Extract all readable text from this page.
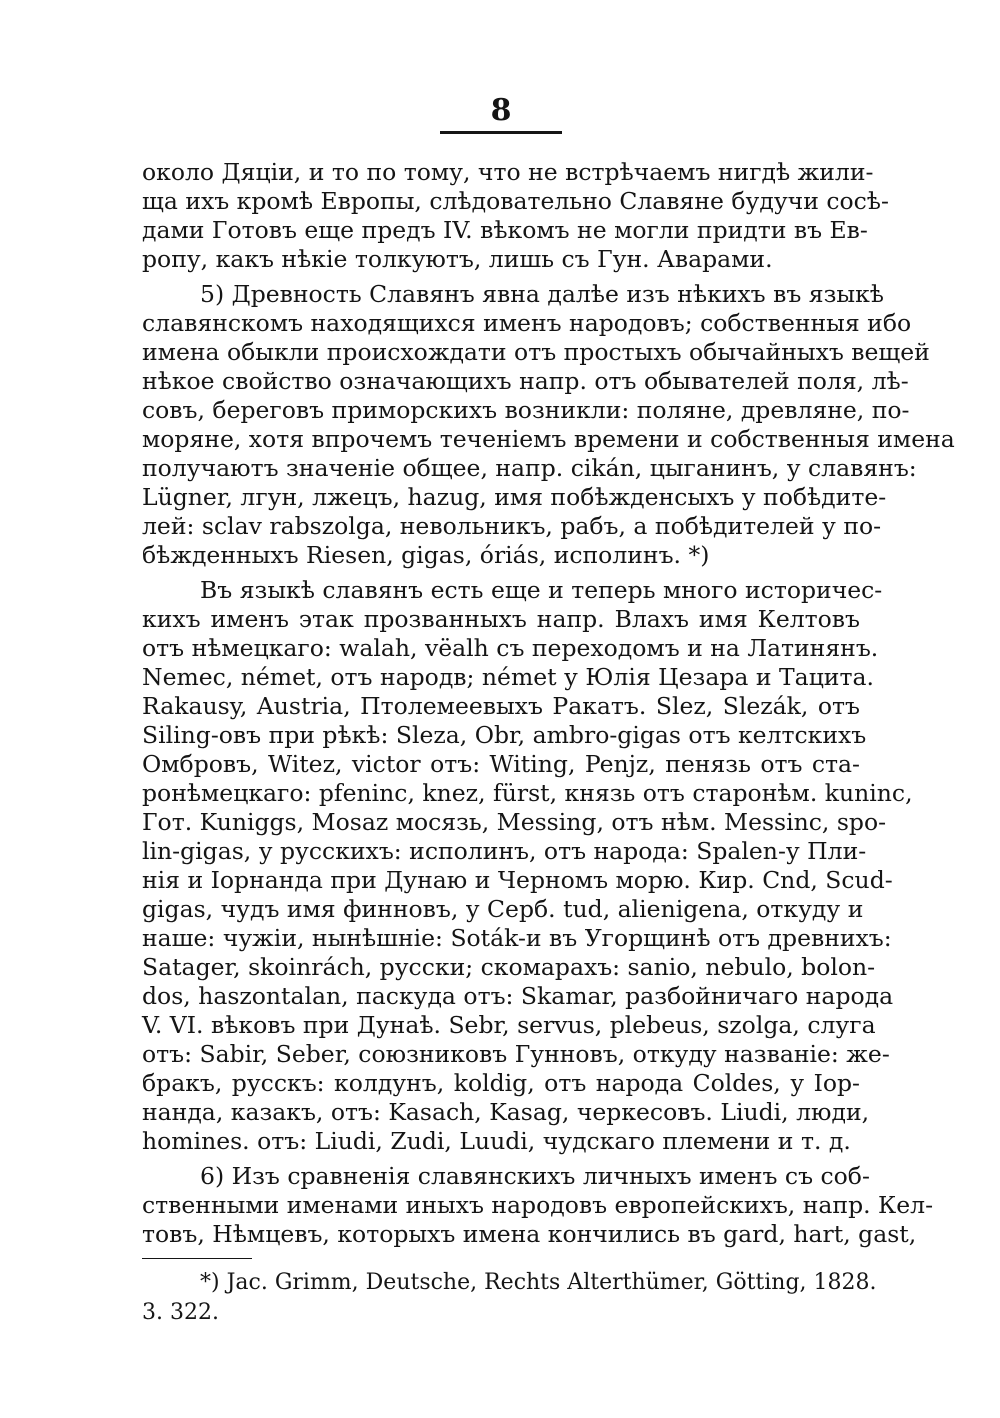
8
около Дяціи, и то по тому, что не встрѣчаемъ нигдѣ жили-
ща ихъ кромѣ Европы, слѣдовательно Славяне будучи сосѣ-
дами Готовъ еще предъ IV. вѣкомъ не могли придти въ Ев-
ропу, какъ нѣкіе толкуютъ, лишь съ Гун. Аварами.
5) Древность Славянъ явна далѣе изъ нѣкихъ въ языкѣ
славянскомъ находящихся именъ народовъ; собственныя ибо
имена обыкли происхождати отъ простыхъ обычайныхъ вещей
нѣкое свойство означающихъ напр. отъ обывателей поля, лѣ-
совъ, береговъ приморскихъ возникли: поляне, древляне, по-
моряне, хотя впрочемъ теченіемъ времени и собственныя имена
получаютъ значеніе общее, напр. cikán, цыганинъ, у славянъ:
Lügner, лгун, лжецъ, hazug, имя побѣжденсыхъ у побѣдите-
лей: sclav rabszolga, невольникъ, рабъ, а побѣдителей у по-
бѣжденныхъ Riesen, gigas, óriás, исполинъ. *)
Въ языкѣ славянъ есть еще и теперь много историчес-
кихъ именъ этак прозванныхъ напр. Влахъ имя Келтовъ
отъ нѣмецкаго: walah, vëalh съ переходомъ и на Латинянъ.
Nemec, német, отъ народв; német у Юлія Цезара и Тацита.
Rakausy, Austria, Птолемеевыхъ Ракатъ. Slez, Slezák, отъ
Siling-овъ при рѣкѣ: Sleza, Obr, ambro-gigas отъ келтскихъ
Омбровъ, Witez, victor отъ: Witing, Penjz, пенязь отъ ста-
ронѣмецкаго: pfeninc, knez, fürst, князь отъ старонѣм. kuninc,
Гот. Kuniggs, Mosaz мосязь, Messing, отъ нѣм. Messinc, spo-
lin-gigas, у русскихъ: исполинъ, отъ народа: Spalen-у Пли-
нія и Іорнанда при Дунаю и Черномъ морю. Кир. Cnd, Scud-
gigas, чудъ имя финновъ, у Серб. tud, alienigena, откуду и
наше: чужіи, нынѣшніе: Soták-и въ Угорщинѣ отъ древнихъ:
Satager, skoinrách, русски; скомарахъ: sanio, nebulo, bolon-
dos, haszontalan, паскуда отъ: Skamar, разбойничаго народа
V. VI. вѣковъ при Дунаѣ. Sebr, servus, plebeus, szolga, слуга
отъ: Sabir, Seber, союзниковъ Гунновъ, откуду названіе: же-
бракъ, русскъ: колдунъ, koldig, отъ народа Coldes, у Іор-
нанда, казакъ, отъ: Kasach, Kasag, черкесовъ. Liudi, люди,
homines. отъ: Liudi, Zudi, Luudi, чудскаго племени и т. д.
6) Изъ сравненія славянскихъ личныхъ именъ съ соб-
ственными именами иныхъ народовъ европейскихъ, напр. Кел-
товъ, Нѣмцевъ, которыхъ имена кончились въ gard, hart, gast,
*) Jac. Grimm, Deutsche, Rechts Alterthümer, Götting, 1828.
3. 322.
